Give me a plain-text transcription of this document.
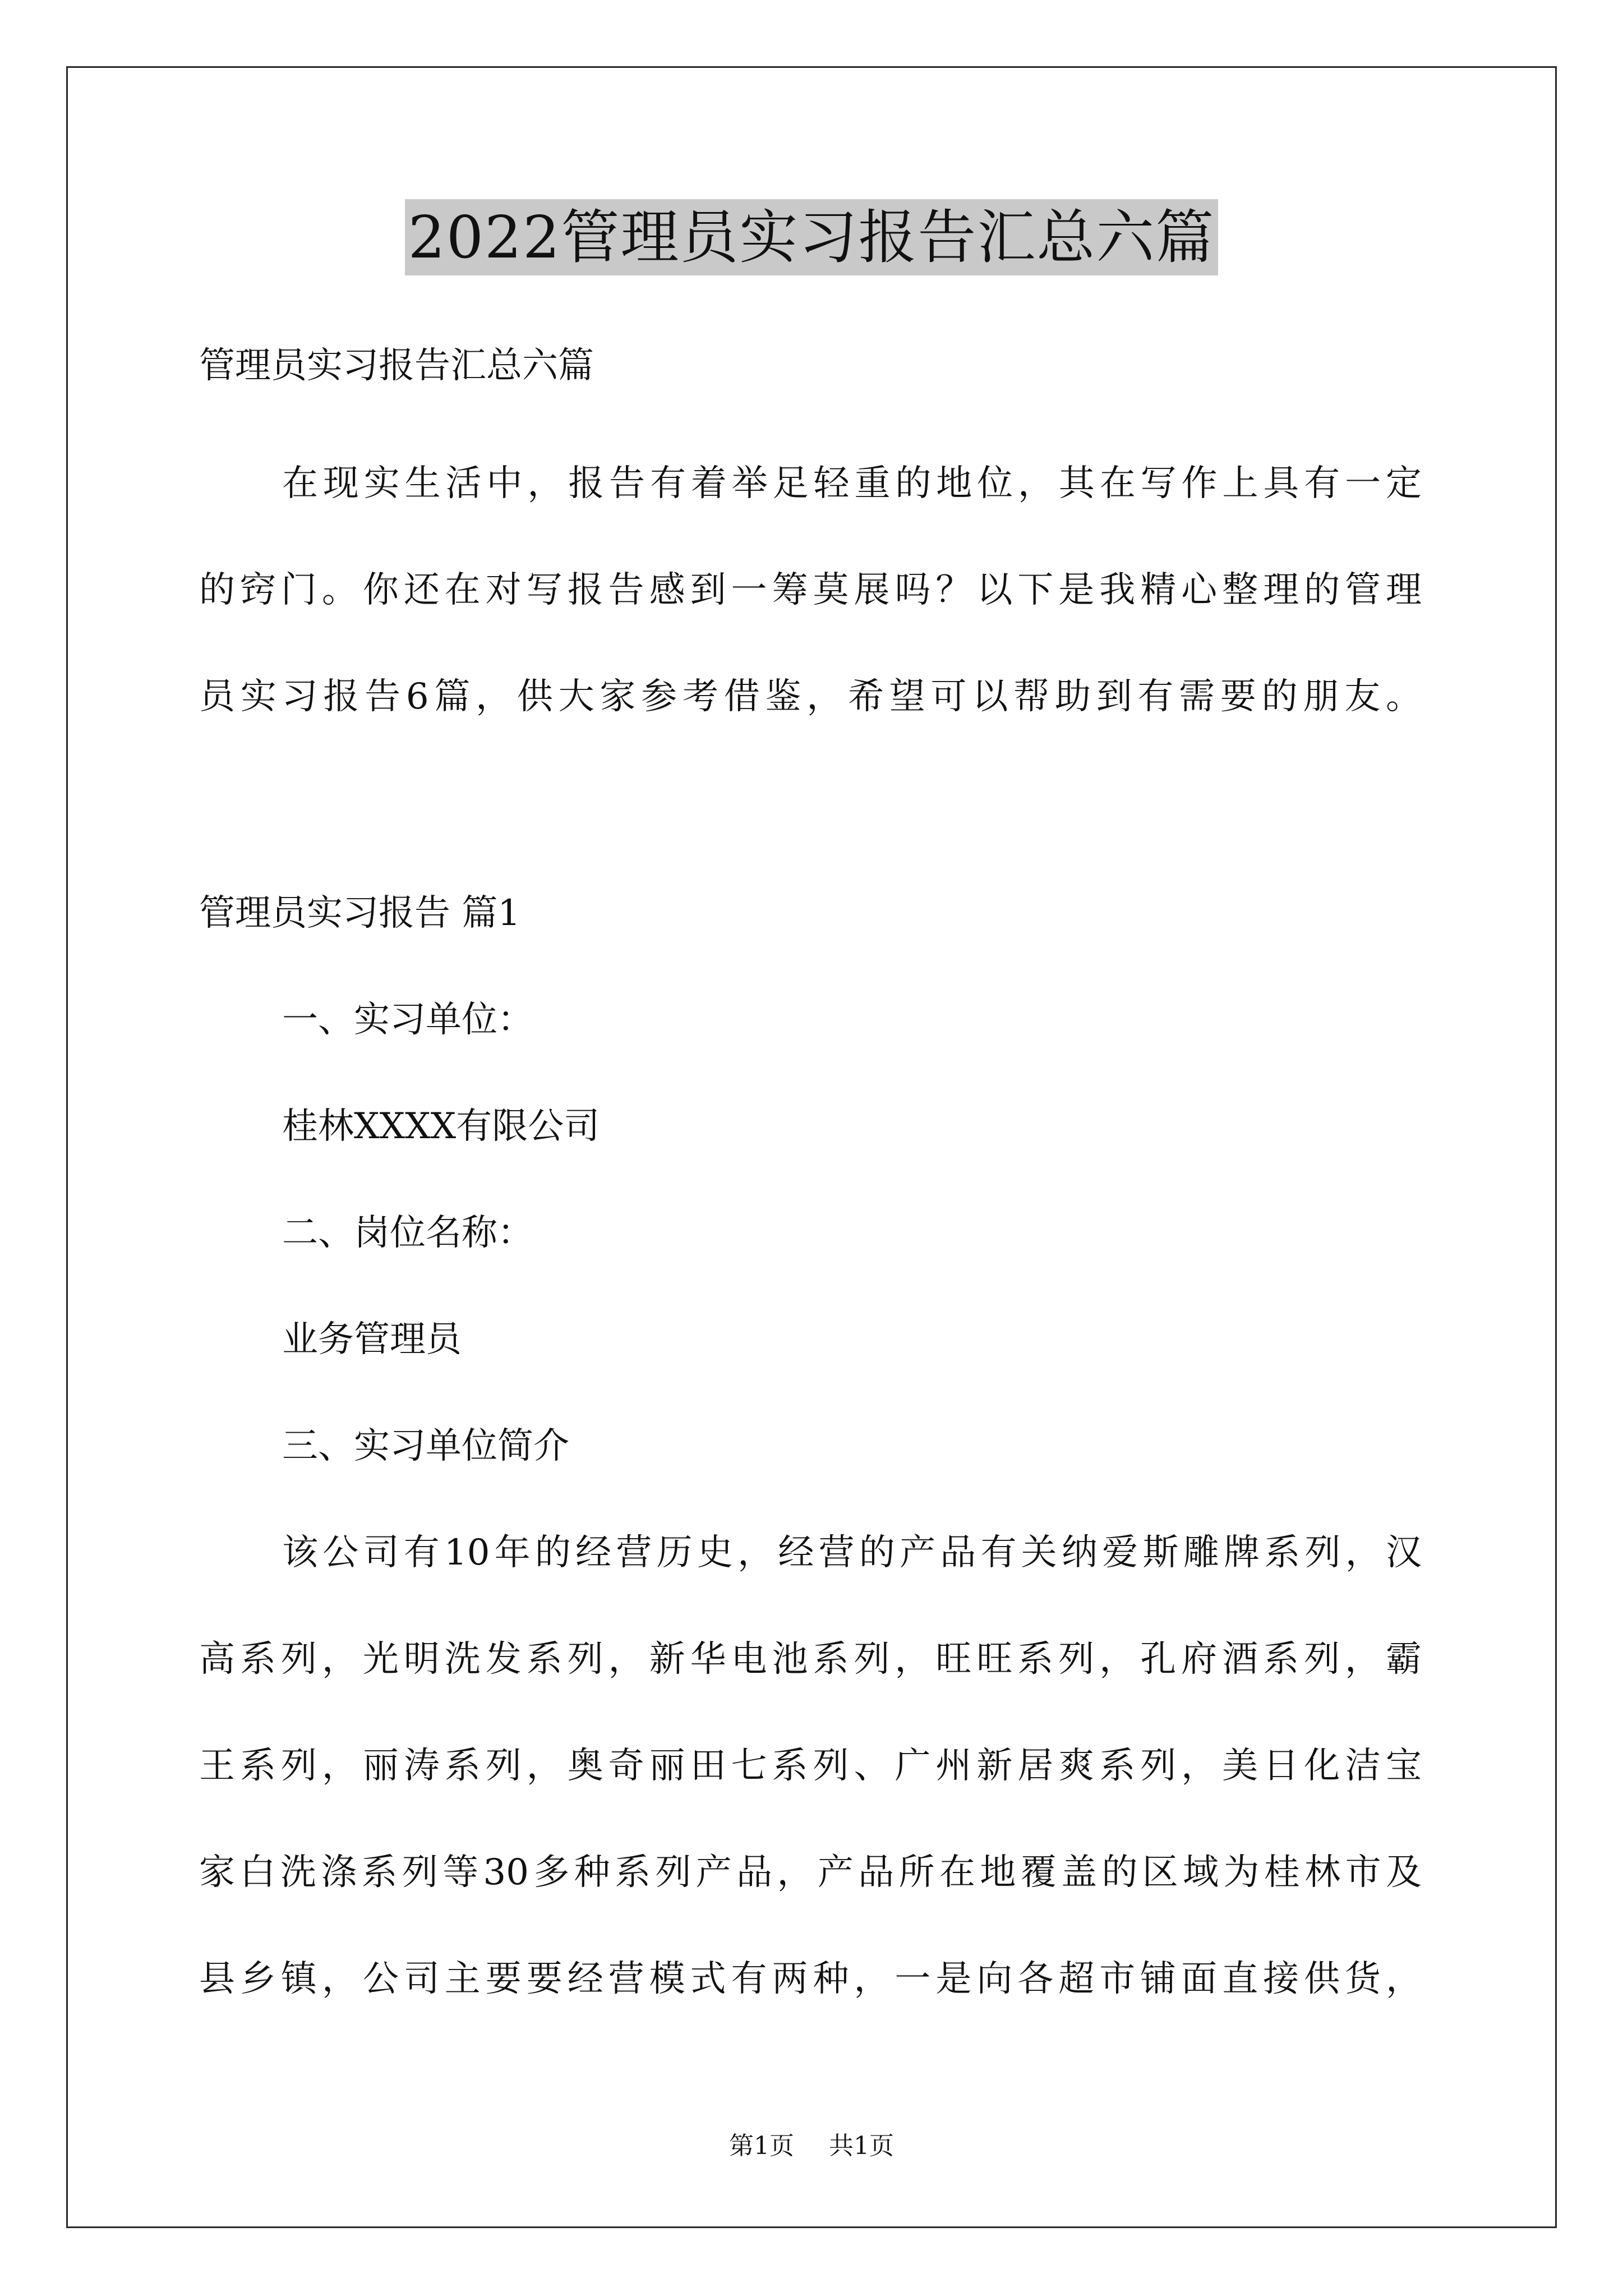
2022管理员实习报告汇总六篇
管理员实习报告汇总六篇
在现实生活中，报告有着举足轻重的地位，其在写作上具有一定
的窍门。你还在对写报告感到一筹莫展吗？以下是我精心整理的管理
员实习报告6篇，供大家参考借鉴，希望可以帮助到有需要的朋友。
管理员实习报告 篇1
一、实习单位：
桂林XXXX有限公司
二、岗位名称：
业务管理员
三、实习单位简介
该公司有10年的经营历史，经营的产品有关纳爱斯雕牌系列，汉
高系列，光明洗发系列，新华电池系列，旺旺系列，孔府酒系列，霸
王系列，丽涛系列，奥奇丽田七系列、广州新居爽系列，美日化洁宝
家白洗涤系列等30多种系列产品，产品所在地覆盖的区域为桂林市及
县乡镇，公司主要要经营模式有两种，一是向各超市铺面直接供货，
第1页 共1页
